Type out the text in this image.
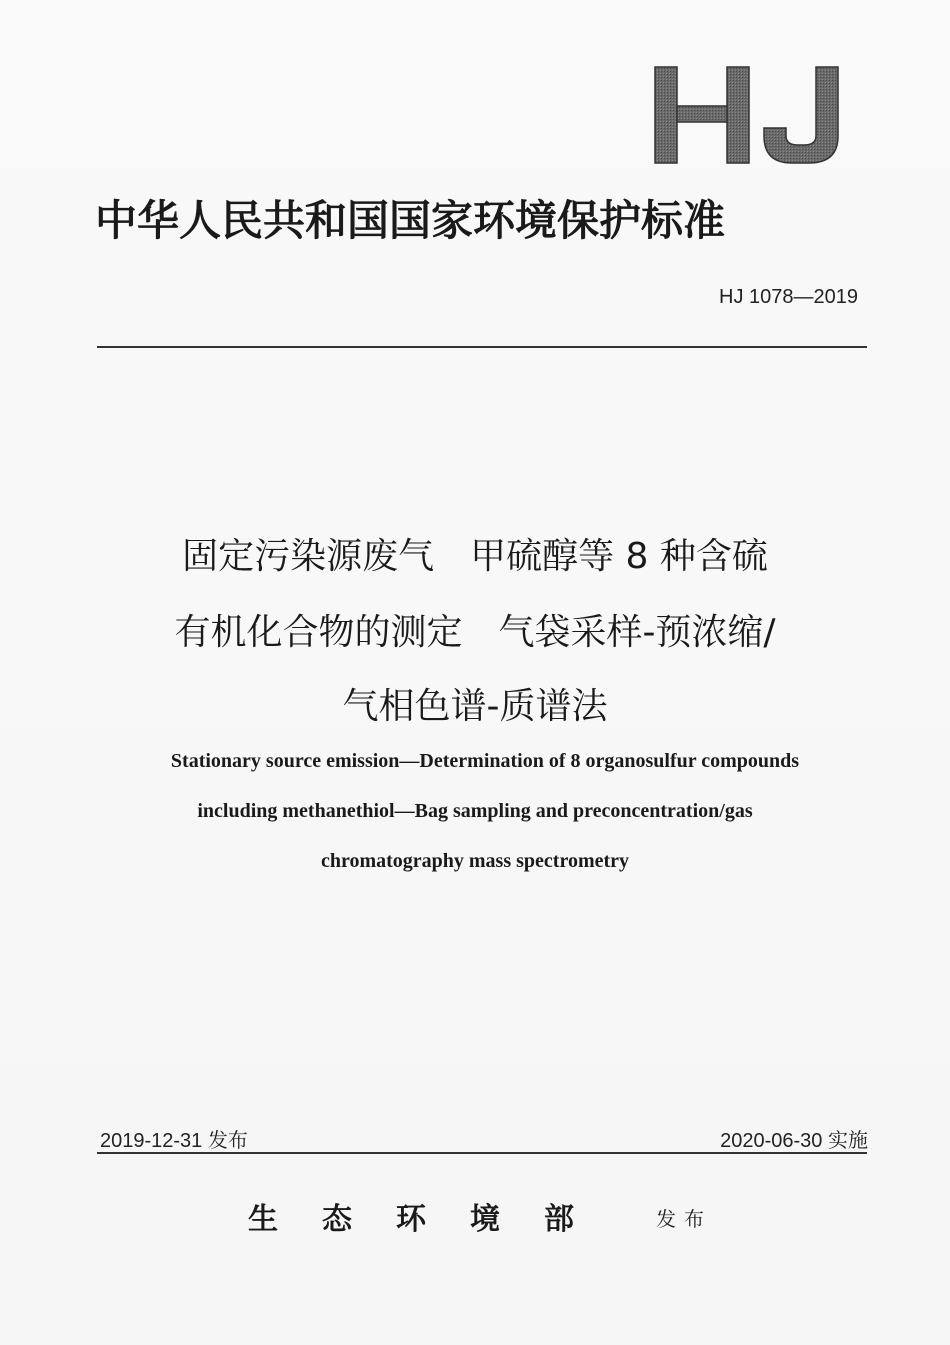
中华人民共和国国家环境保护标准
HJ 1078—2019
固定污染源废气　甲硫醇等 8 种含硫
有机化合物的测定　气袋采样-预浓缩/
气相色谱-质谱法
Stationary source emission—Determination of 8 organosulfur compounds
including methanethiol—Bag sampling and preconcentration/gas
chromatography mass spectrometry
2019-12-31 发布	2020-06-30 实施
生态环境部 发布
